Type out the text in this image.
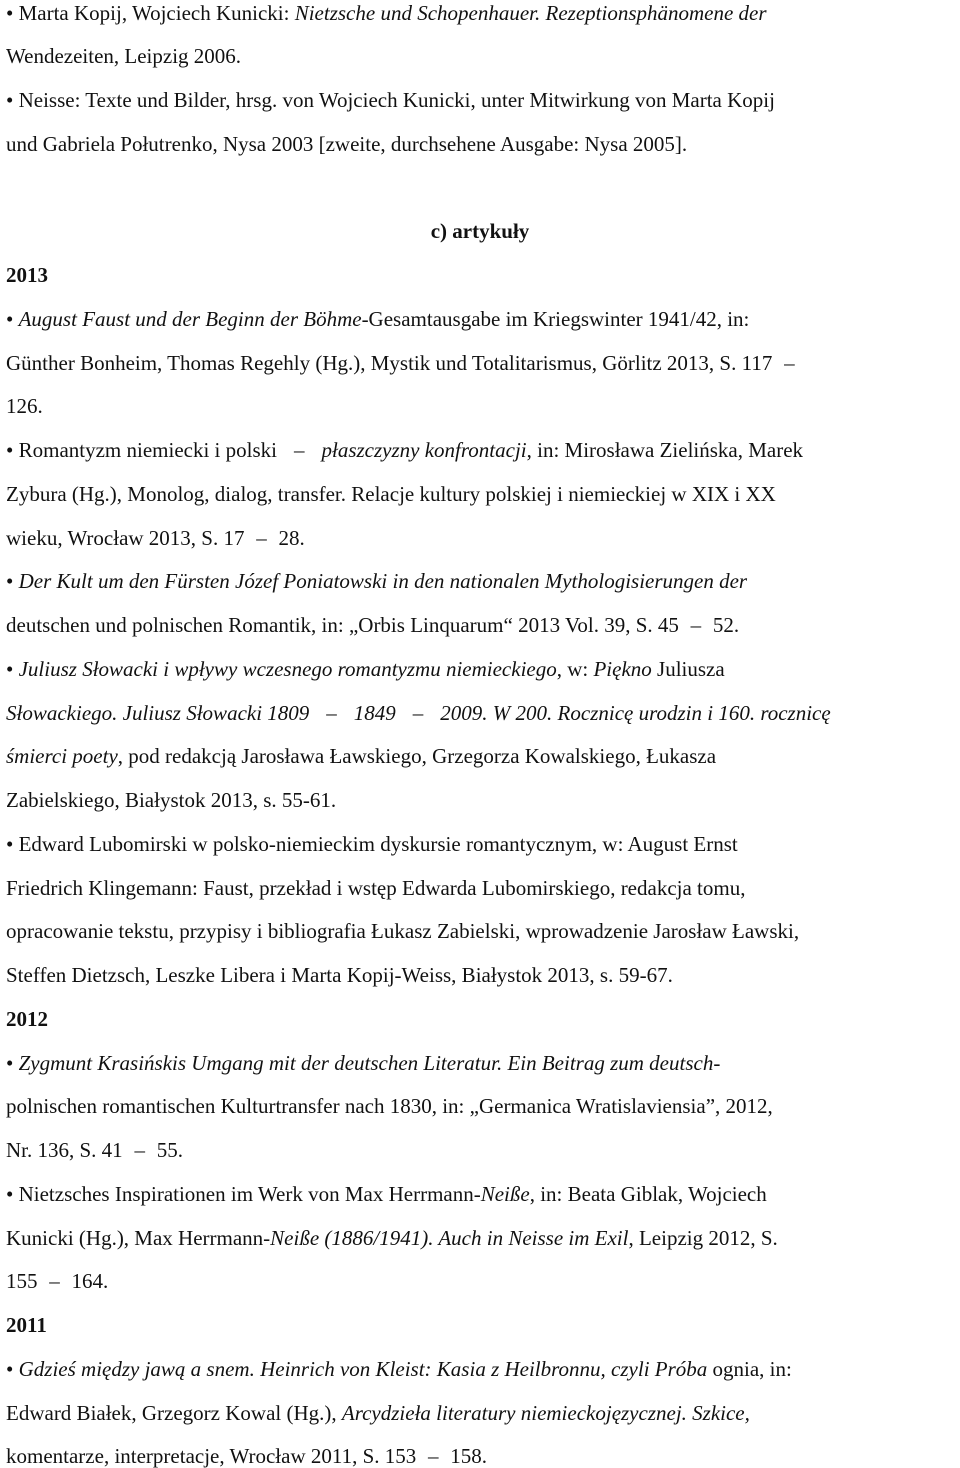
• Marta Kopij, Wojciech Kunicki: Nietzsche und Schopenhauer. Rezeptionsphänomene der
Wendezeiten, Leipzig 2006.
• Neisse: Texte und Bilder, hrsg. von Wojciech Kunicki, unter Mitwirkung von Marta Kopij
und Gabriela Połutrenko, Nysa 2003 [zweite, durchsehene Ausgabe: Nysa 2005].
c) artykuły
2013
• August Faust und der Beginn der Böhme-Gesamtausgabe im Kriegswinter 1941/42, in:
Günther Bonheim, Thomas Regehly (Hg.), Mystik und Totalitarismus, Görlitz 2013, S. 117 –
126.
• Romantyzm niemiecki i polski – płaszczyzny konfrontacji, in: Mirosława Zielińska, Marek
Zybura (Hg.), Monolog, dialog, transfer. Relacje kultury polskiej i niemieckiej w XIX i XX
wieku, Wrocław 2013, S. 17 – 28.
• Der Kult um den Fürsten Józef Poniatowski in den nationalen Mythologisierungen der
deutschen und polnischen Romantik, in: „Orbis Linquarum“ 2013 Vol. 39, S. 45 – 52.
• Juliusz Słowacki i wpływy wczesnego romantyzmu niemieckiego, w: Piękno Juliusza
Słowackiego. Juliusz Słowacki 1809 – 1849 – 2009. W 200. Rocznicę urodzin i 160. rocznicę
śmierci poety, pod redakcją Jarosława Ławskiego, Grzegorza Kowalskiego, Łukasza
Zabielskiego, Białystok 2013, s. 55-61.
• Edward Lubomirski w polsko-niemieckim dyskursie romantycznym, w: August Ernst
Friedrich Klingemann: Faust, przekład i wstęp Edwarda Lubomirskiego, redakcja tomu,
opracowanie tekstu, przypisy i bibliografia Łukasz Zabielski, wprowadzenie Jarosław Ławski,
Steffen Dietzsch, Leszke Libera i Marta Kopij-Weiss, Białystok 2013, s. 59-67.
2012
• Zygmunt Krasińskis Umgang mit der deutschen Literatur. Ein Beitrag zum deutsch-
polnischen romantischen Kulturtransfer nach 1830, in: „Germanica Wratislaviensia”, 2012,
Nr. 136, S. 41 – 55.
• Nietzsches Inspirationen im Werk von Max Herrmann-Neiße, in: Beata Giblak, Wojciech
Kunicki (Hg.), Max Herrmann-Neiße (1886/1941). Auch in Neisse im Exil, Leipzig 2012, S.
155 – 164.
2011
• Gdzieś między jawą a snem. Heinrich von Kleist: Kasia z Heilbronnu, czyli Próba ognia, in:
Edward Białek, Grzegorz Kowal (Hg.), Arcydzieła literatury niemieckojęzycznej. Szkice,
komentarze, interpretacje, Wrocław 2011, S. 153 – 158.
